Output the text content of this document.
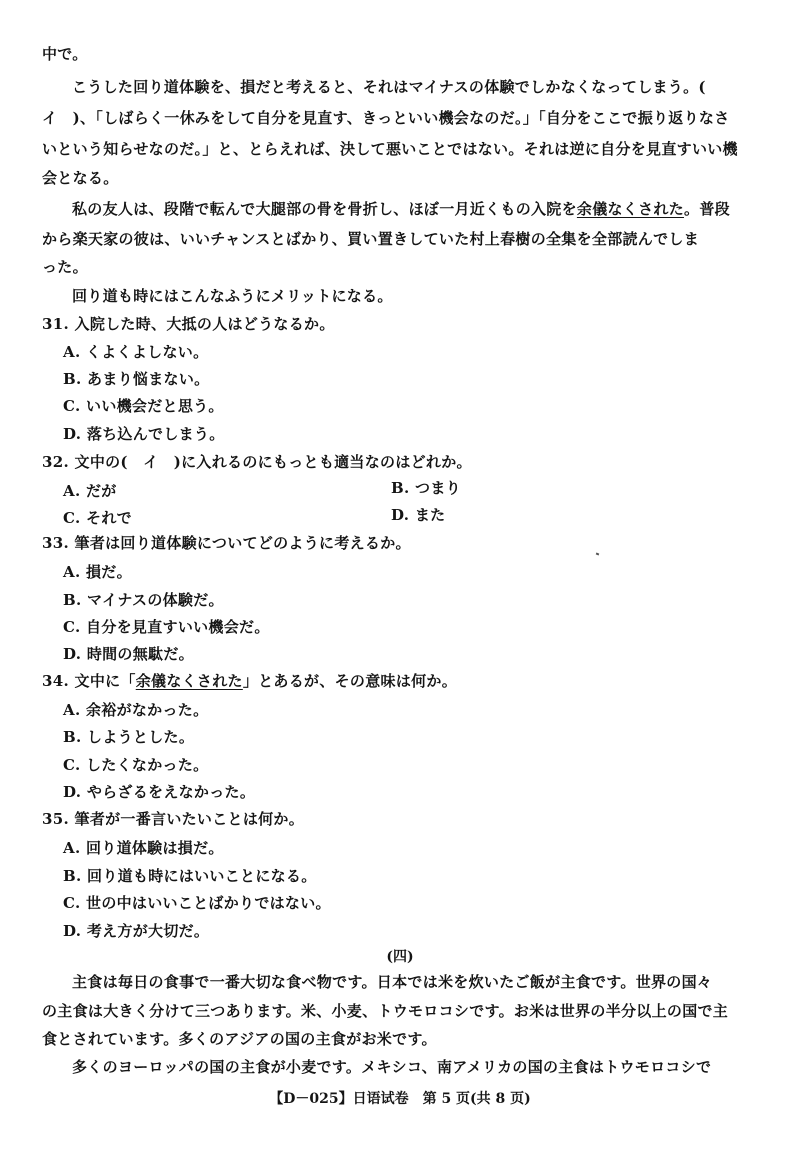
中で。
こうした回り道体験を、損だと考えると、それはマイナスの体験でしかなくなってしまう。(
イ　)、「しばらく一休みをして自分を見直す、きっといい機会なのだ。」「自分をここで振り返りなさ
いという知らせなのだ。」と、とらえれば、決して悪いことではない。それは逆に自分を見直すいい機
会となる。
私の友人は、段階で転んで大腿部の骨を骨折し、ほぼ一月近くもの入院を余儀なくされた。普段
から楽天家の彼は、いいチャンスとばかり、買い置きしていた村上春樹の全集を全部読んでしま
った。
回り道も時にはこんなふうにメリットになる。
31. 入院した時、大抵の人はどうなるか。
A. くよくよしない。
B. あまり悩まない。
C. いい機会だと思う。
D. 落ち込んでしまう。
32. 文中の(　イ　)に入れるのにもっとも適当なのはどれか。
A. だが	B. つまり
C. それで	D. また
33. 筆者は回り道体験についてどのように考えるか。
A. 損だ。
B. マイナスの体験だ。
C. 自分を見直すいい機会だ。
D. 時間の無駄だ。
34. 文中に「余儀なくされた」とあるが、その意味は何か。
A. 余裕がなかった。
B. しようとした。
C. したくなかった。
D. やらざるをえなかった。
35. 筆者が一番言いたいことは何か。
A. 回り道体験は損だ。
B. 回り道も時にはいいことになる。
C. 世の中はいいことばかりではない。
D. 考え方が大切だ。
(四)
主食は毎日の食事で一番大切な食べ物です。日本では米を炊いたご飯が主食です。世界の国々
の主食は大きく分けて三つあります。米、小麦、トウモロコシです。お米は世界の半分以上の国で主
食とされています。多くのアジアの国の主食がお米です。
多くのヨーロッパの国の主食が小麦です。メキシコ、南アメリカの国の主食はトウモロコシで
【D－025】日语试卷　第 5 页(共 8 页)
